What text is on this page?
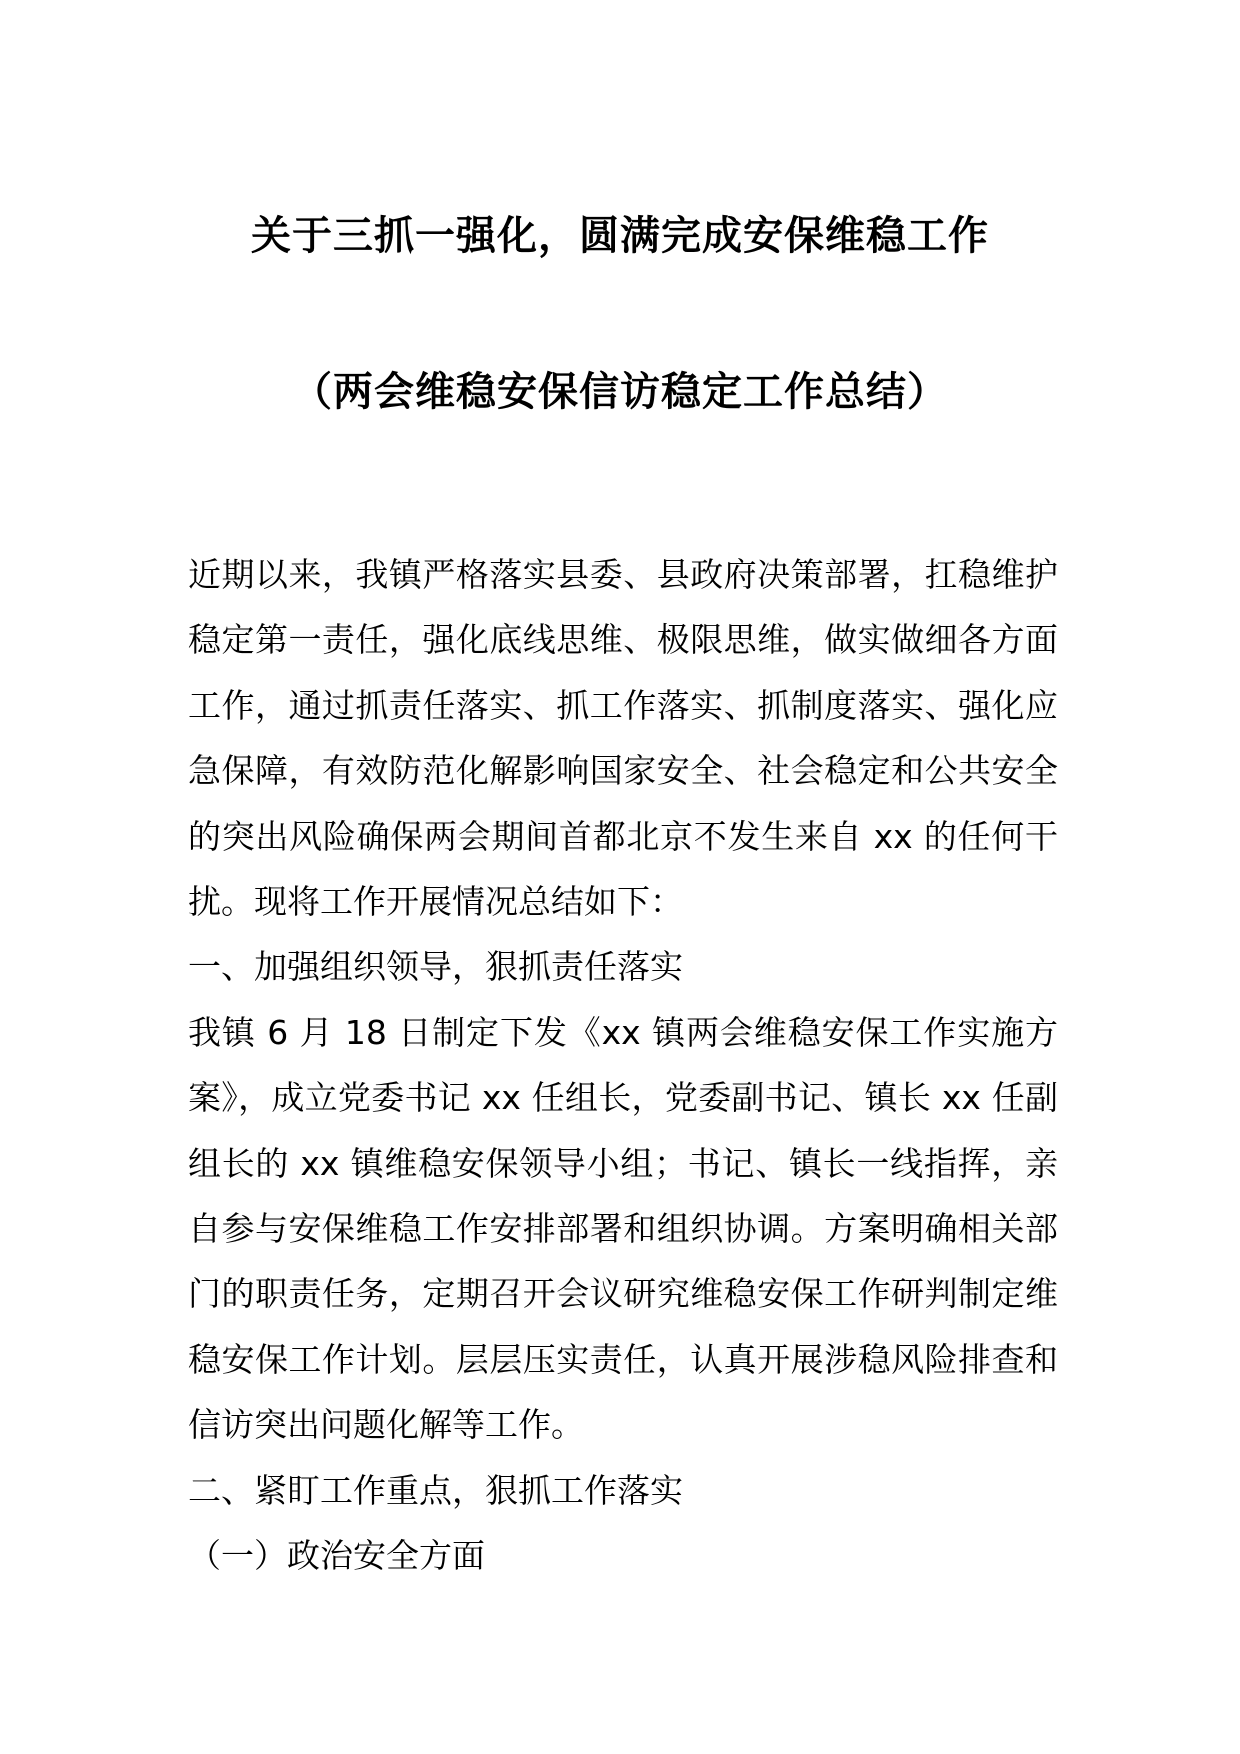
关于三抓一强化，圆满完成安保维稳工作
（两会维稳安保信访稳定工作总结）

近期以来，我镇严格落实县委、县政府决策部署，扛稳维护稳定第一责任，强化底线思维、极限思维，做实做细各方面工作，通过抓责任落实、抓工作落实、抓制度落实、强化应急保障，有效防范化解影响国家安全、社会稳定和公共安全的突出风险确保两会期间首都北京不发生来自 xx 的任何干扰。现将工作开展情况总结如下：

一、加强组织领导，狠抓责任落实

我镇 6 月 18 日制定下发《xx 镇两会维稳安保工作实施方案》，成立党委书记 xx 任组长，党委副书记、镇长 xx 任副组长的 xx 镇维稳安保领导小组；书记、镇长一线指挥，亲自参与安保维稳工作安排部署和组织协调。方案明确相关部门的职责任务，定期召开会议研究维稳安保工作研判制定维稳安保工作计划。层层压实责任，认真开展涉稳风险排查和信访突出问题化解等工作。

二、紧盯工作重点，狠抓工作落实

（一）政治安全方面
